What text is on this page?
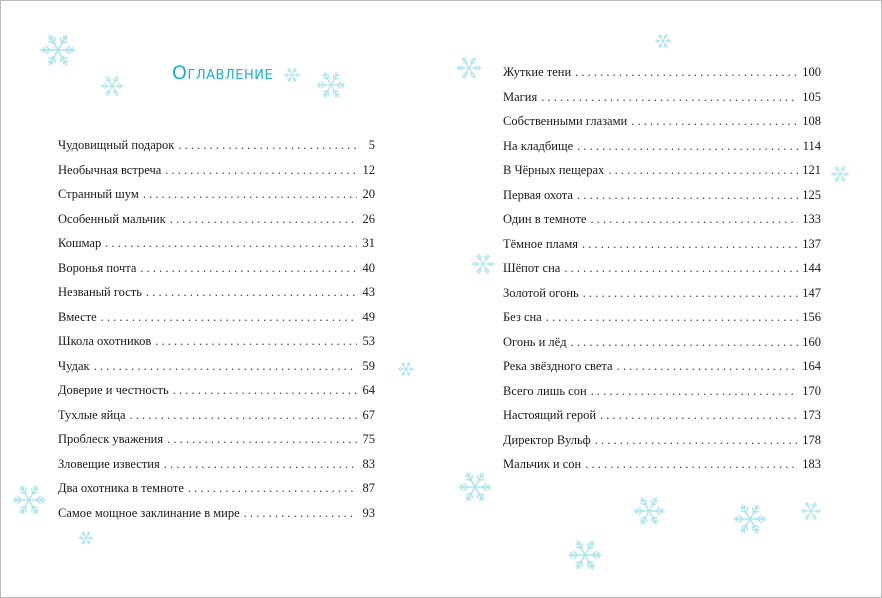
Оглавление
Чудовищный подарок . . .	5
Необычная встреча . . .	12
Странный шум . . .	20
Особенный мальчик . . .	26
Кошмар . . .	31
Воронья почта . . .	40
Незваный гость . . .	43
Вместе . . .	49
Школа охотников . . .	53
Чудак . . .	59
Доверие и честность . . .	64
Тухлые яйца . . .	67
Проблеск уважения . . .	75
Зловещие известия . . .	83
Два охотника в темноте . . .	87
Самое мощное заклинание в мире . . .	93
Жуткие тени . . .	100
Магия . . .	105
Собственными глазами . . .	108
На кладбище . . .	114
В Чёрных пещерах . . .	121
Первая охота . . .	125
Один в темноте . . .	133
Тёмное пламя . . .	137
Шёпот сна . . .	144
Золотой огонь . . .	147
Без сна . . .	156
Огонь и лёд . . .	160
Река звёздного света . . .	164
Всего лишь сон . . .	170
Настоящий герой . . .	173
Директор Вульф . . .	178
Мальчик и сон . . .	183
